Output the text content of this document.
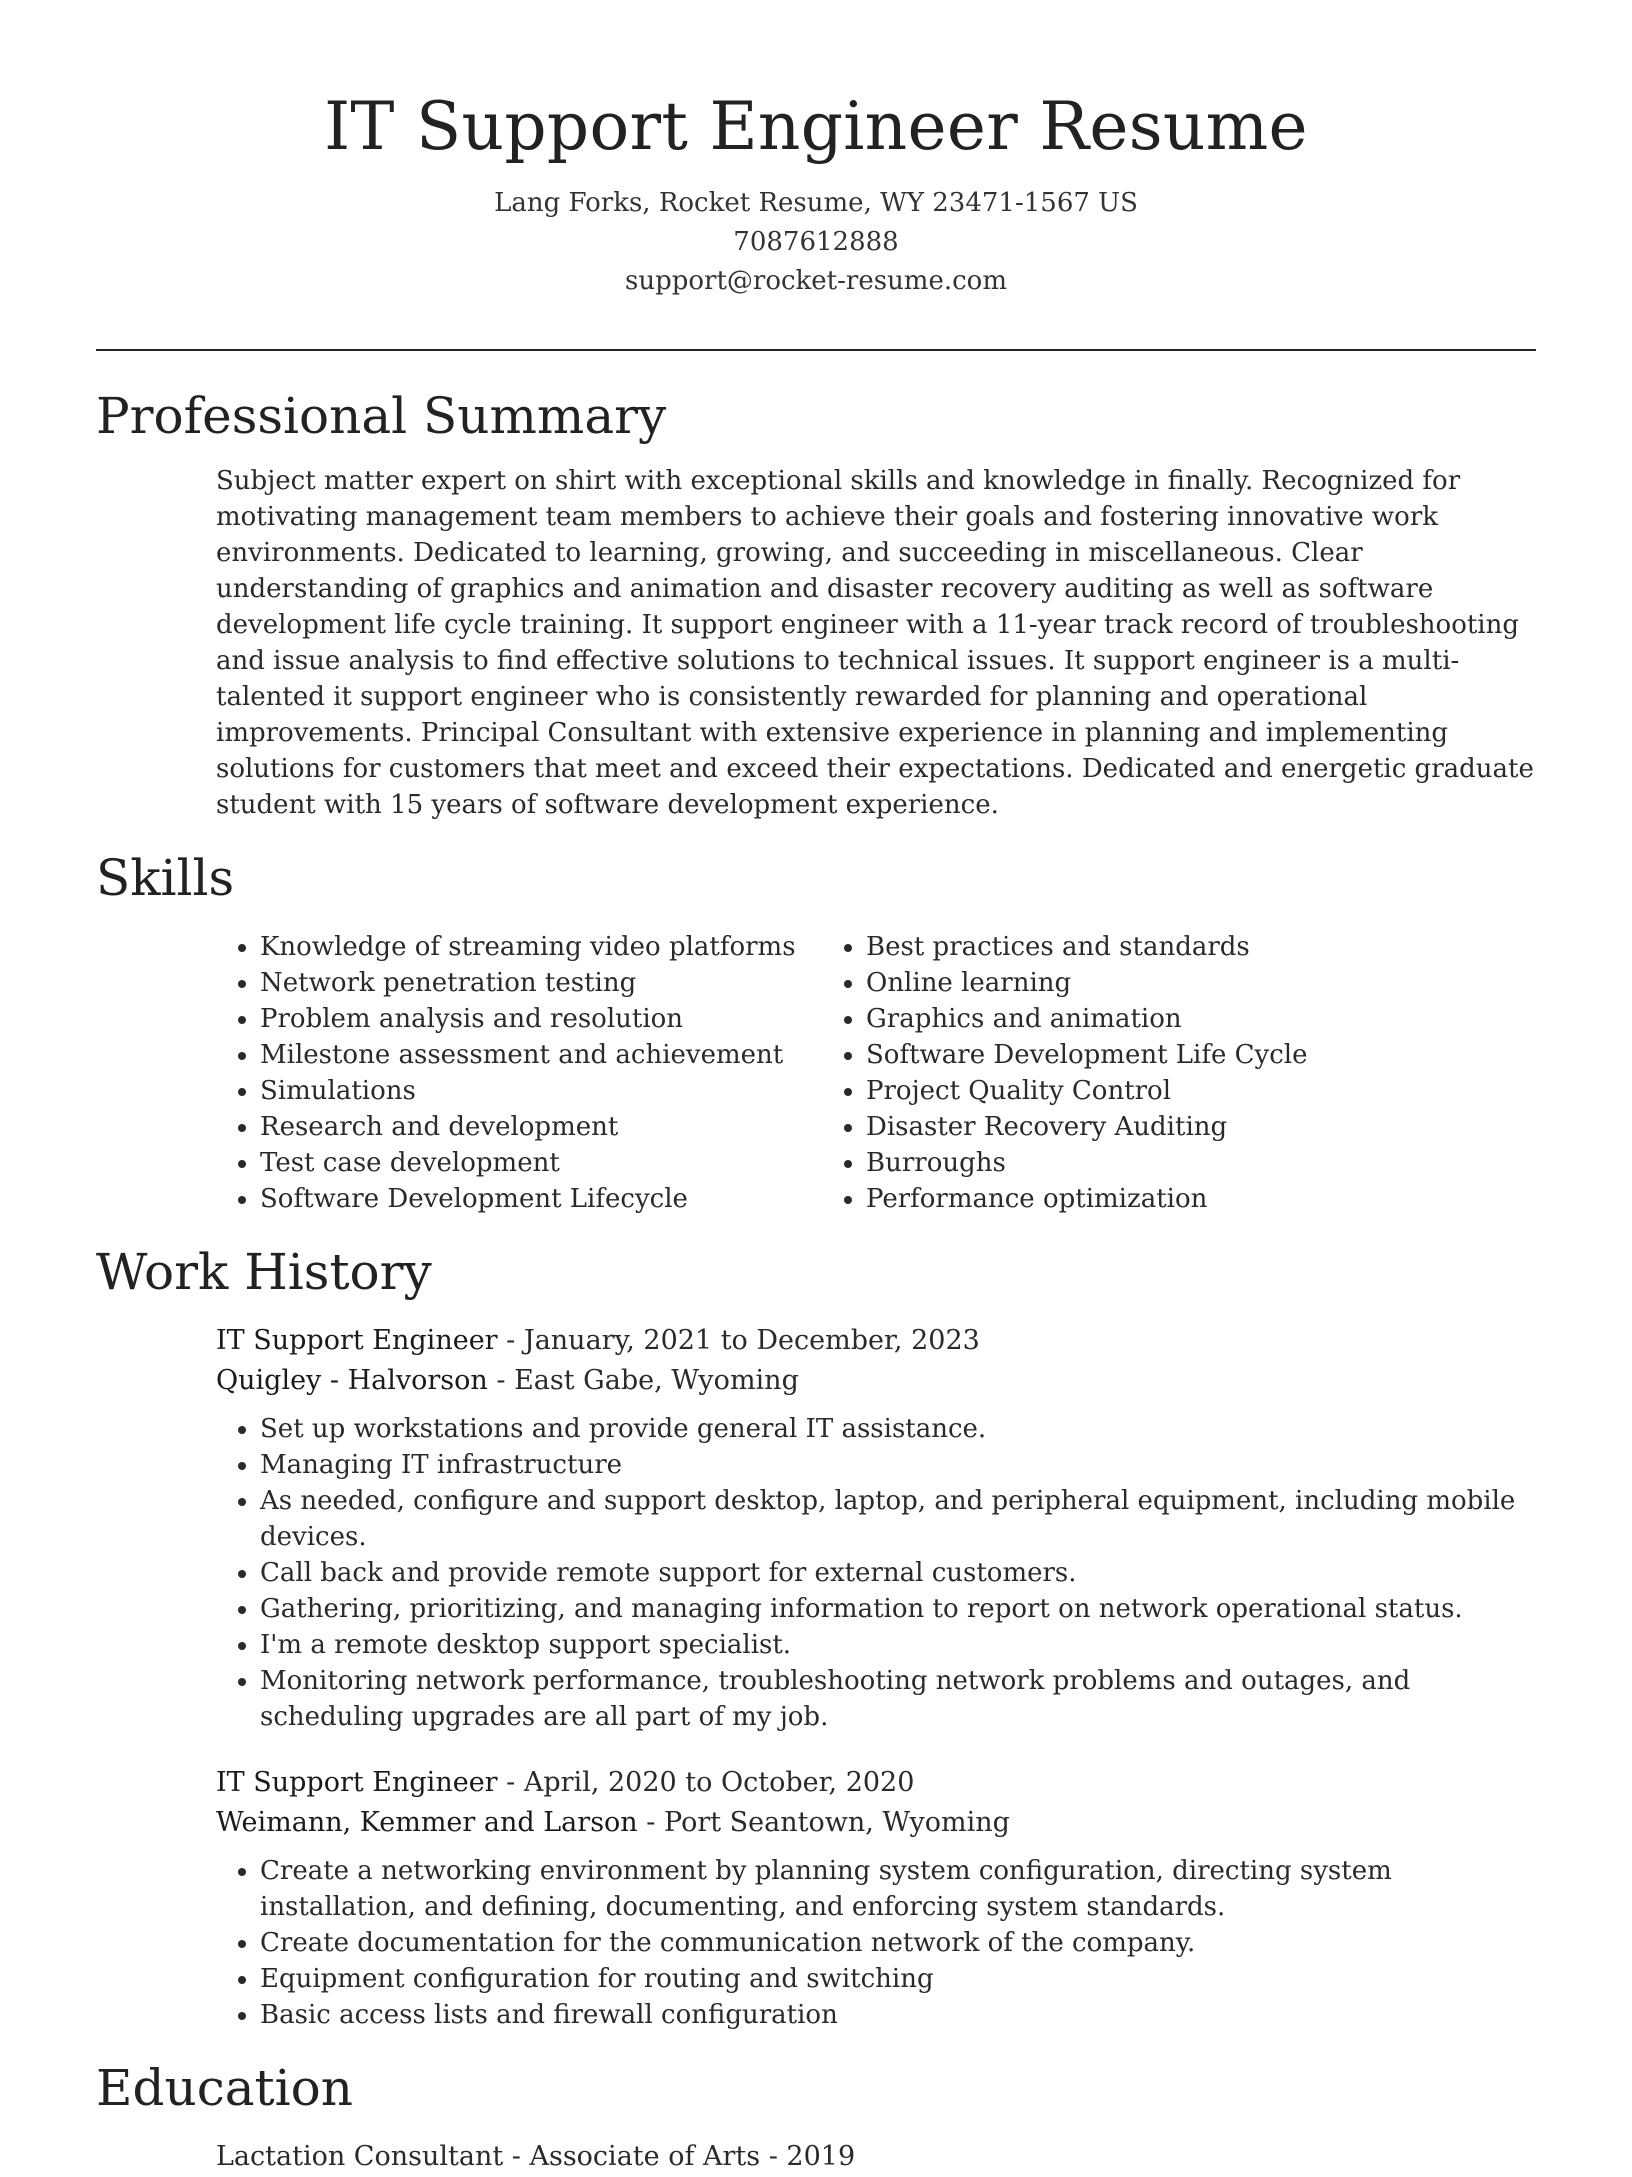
IT Support Engineer Resume
Lang Forks, Rocket Resume, WY 23471-1567 US
7087612888
support@rocket-resume.com
Professional Summary

Subject matter expert on shirt with exceptional skills and knowledge in finally. Recognized for motivating management team members to achieve their goals and fostering innovative work environments. Dedicated to learning, growing, and succeeding in miscellaneous. Clear understanding of graphics and animation and disaster recovery auditing as well as software development life cycle training. It support engineer with a 11-year track record of troubleshooting and issue analysis to find effective solutions to technical issues. It support engineer is a multi-talented it support engineer who is consistently rewarded for planning and operational improvements. Principal Consultant with extensive experience in planning and implementing solutions for customers that meet and exceed their expectations. Dedicated and energetic graduate student with 15 years of software development experience.

Skills
• Knowledge of streaming video platforms
• Network penetration testing
• Problem analysis and resolution
• Milestone assessment and achievement
• Simulations
• Research and development
• Test case development
• Software Development Lifecycle
• Best practices and standards
• Online learning
• Graphics and animation
• Software Development Life Cycle
• Project Quality Control
• Disaster Recovery Auditing
• Burroughs
• Performance optimization
Work History
IT Support Engineer - January, 2021 to December, 2023
Quigley - Halvorson - East Gabe, Wyoming
• Set up workstations and provide general IT assistance.
• Managing IT infrastructure
• As needed, configure and support desktop, laptop, and peripheral equipment, including mobile devices.
• Call back and provide remote support for external customers.
• Gathering, prioritizing, and managing information to report on network operational status.
• I'm a remote desktop support specialist.
• Monitoring network performance, troubleshooting network problems and outages, and scheduling upgrades are all part of my job.
IT Support Engineer - April, 2020 to October, 2020
Weimann, Kemmer and Larson - Port Seantown, Wyoming
• Create a networking environment by planning system configuration, directing system installation, and defining, documenting, and enforcing system standards.
• Create documentation for the communication network of the company.
• Equipment configuration for routing and switching
• Basic access lists and firewall configuration
Education
Lactation Consultant - Associate of Arts - 2019
